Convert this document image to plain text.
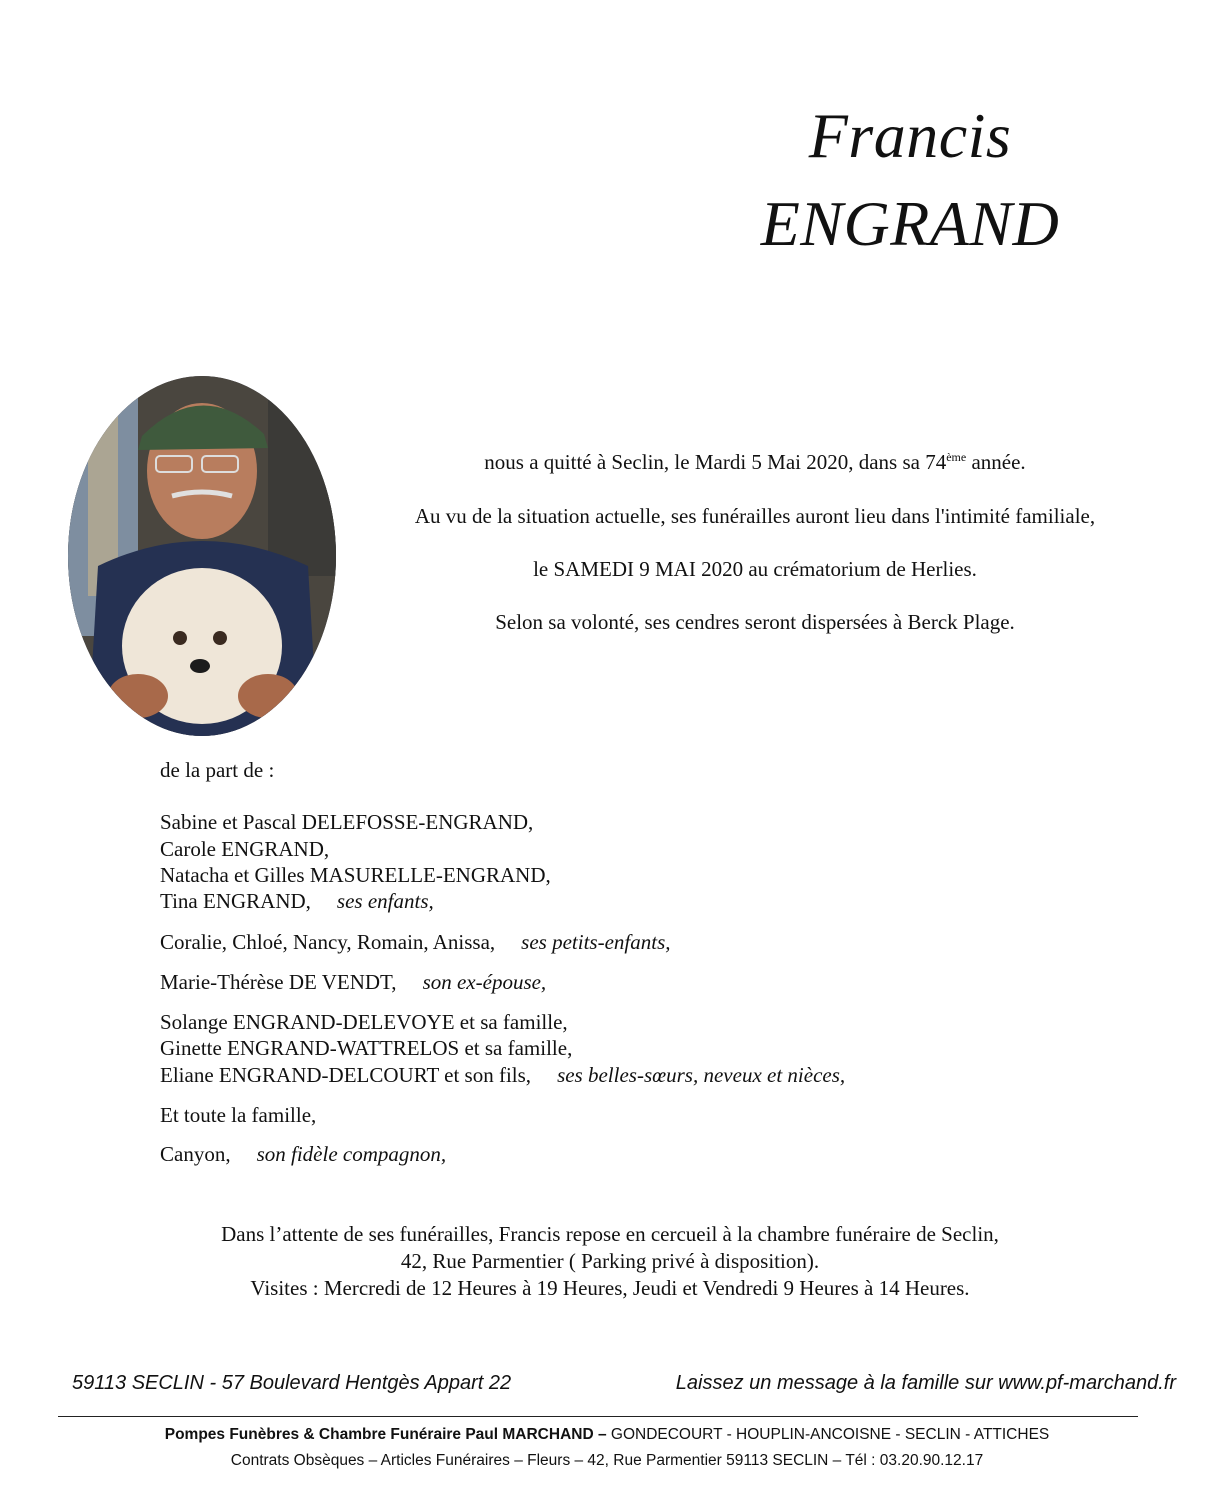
Francis
ENGRAND
nous a quitté à Seclin, le Mardi 5 Mai 2020, dans sa 74ème année.
Au vu de la situation actuelle, ses funérailles auront lieu dans l'intimité familiale,
le SAMEDI 9 MAI 2020 au crématorium de Herlies.
Selon sa volonté, ses cendres seront dispersées à Berck Plage.
de la part de :
Sabine et Pascal DELEFOSSE-ENGRAND,
Carole ENGRAND,
Natacha et Gilles MASURELLE-ENGRAND,
Tina ENGRAND, ses enfants,
Coralie, Chloé, Nancy, Romain, Anissa, ses petits-enfants,
Marie-Thérèse DE VENDT, son ex-épouse,
Solange ENGRAND-DELEVOYE et sa famille,
Ginette ENGRAND-WATTRELOS et sa famille,
Eliane ENGRAND-DELCOURT et son fils, ses belles-sœurs, neveux et nièces,
Et toute la famille,
Canyon, son fidèle compagnon,
Dans l’attente de ses funérailles, Francis repose en cercueil à la chambre funéraire de Seclin,
42, Rue Parmentier ( Parking privé à disposition).
Visites : Mercredi de 12 Heures à 19 Heures, Jeudi et Vendredi 9 Heures à 14 Heures.
59113 SECLIN - 57 Boulevard Hentgès Appart 22	Laissez un message à la famille sur www.pf-marchand.fr
Pompes Funèbres & Chambre Funéraire Paul MARCHAND – GONDECOURT - HOUPLIN-ANCOISNE - SECLIN - ATTICHES
Contrats Obsèques – Articles Funéraires – Fleurs – 42, Rue Parmentier 59113 SECLIN – Tél : 03.20.90.12.17
